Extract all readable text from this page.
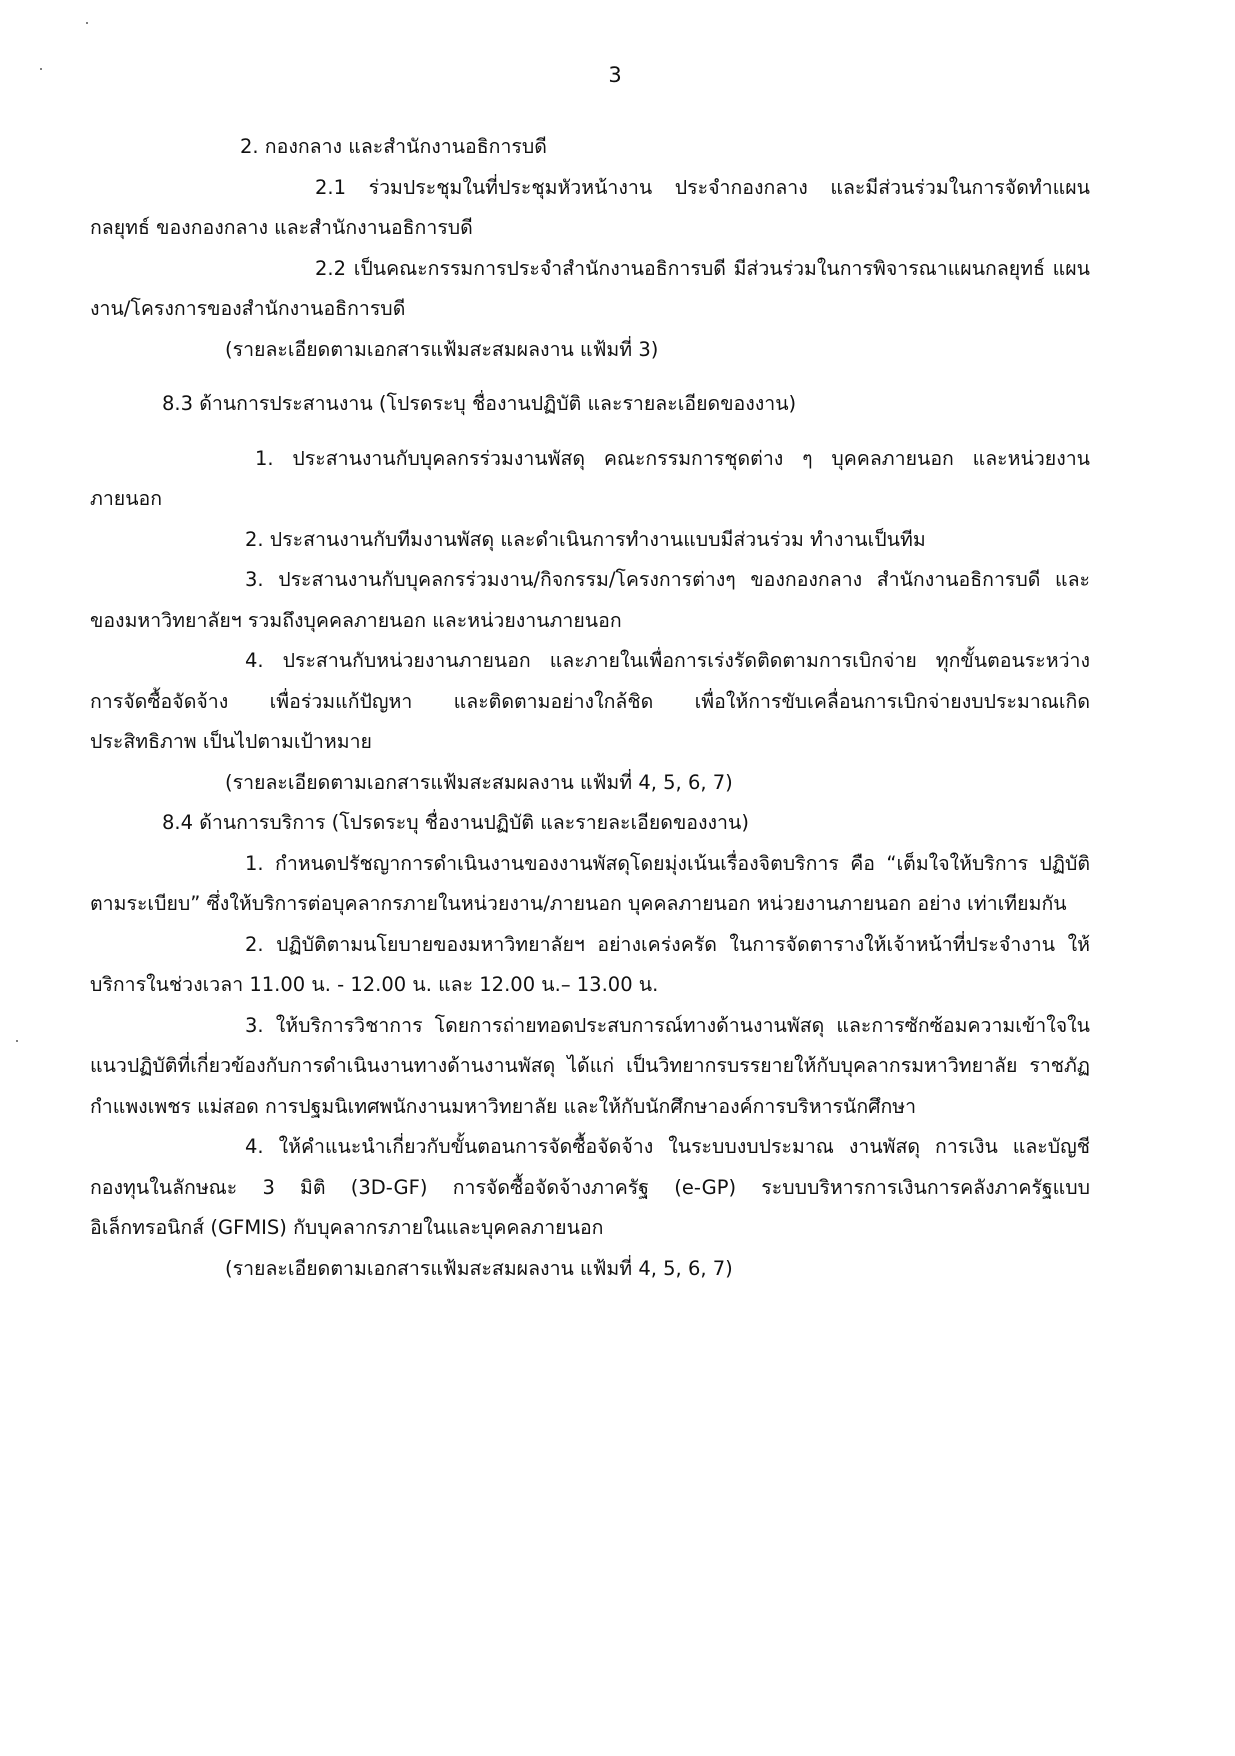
3

2. กองกลาง และสำนักงานอธิการบดี

2.1 ร่วมประชุมในที่ประชุมหัวหน้างาน ประจำกองกลาง และมีส่วนร่วมในการจัดทำแผนกลยุทธ์ ของกองกลาง และสำนักงานอธิการบดี

2.2 เป็นคณะกรรมการประจำสำนักงานอธิการบดี มีส่วนร่วมในการพิจารณาแผนกลยุทธ์ แผนงาน/โครงการของสำนักงานอธิการบดี

(รายละเอียดตามเอกสารแฟ้มสะสมผลงาน แฟ้มที่ 3)

8.3 ด้านการประสานงาน (โปรดระบุ ชื่องานปฏิบัติ และรายละเอียดของงาน)

1. ประสานงานกับบุคลกรร่วมงานพัสดุ คณะกรรมการชุดต่าง ๆ บุคคลภายนอก และหน่วยงาน ภายนอก

2. ประสานงานกับทีมงานพัสดุ และดำเนินการทำงานแบบมีส่วนร่วม ทำงานเป็นทีม

3. ประสานงานกับบุคลกรร่วมงาน/กิจกรรม/โครงการต่างๆ ของกองกลาง สำนักงานอธิการบดี และ ของมหาวิทยาลัยฯ รวมถึงบุคคลภายนอก และหน่วยงานภายนอก

4. ประสานกับหน่วยงานภายนอก และภายในเพื่อการเร่งรัดติดตามการเบิกจ่าย ทุกขั้นตอนระหว่าง การจัดซื้อจัดจ้าง เพื่อร่วมแก้ปัญหา และติดตามอย่างใกล้ชิด เพื่อให้การขับเคลื่อนการเบิกจ่ายงบประมาณเกิด ประสิทธิภาพ เป็นไปตามเป้าหมาย

(รายละเอียดตามเอกสารแฟ้มสะสมผลงาน แฟ้มที่ 4, 5, 6, 7)

8.4 ด้านการบริการ (โปรดระบุ ชื่องานปฏิบัติ และรายละเอียดของงาน)

1. กำหนดปรัชญาการดำเนินงานของงานพัสดุโดยมุ่งเน้นเรื่องจิตบริการ คือ “เต็มใจให้บริการ ปฏิบัติตามระเบียบ” ซึ่งให้บริการต่อบุคลากรภายในหน่วยงาน/ภายนอก บุคคลภายนอก หน่วยงานภายนอก อย่าง เท่าเทียมกัน

2. ปฏิบัติตามนโยบายของมหาวิทยาลัยฯ อย่างเคร่งครัด ในการจัดตารางให้เจ้าหน้าที่ประจำงาน ให้บริการในช่วงเวลา 11.00 น. - 12.00 น. และ 12.00 น.– 13.00 น.

3. ให้บริการวิชาการ โดยการถ่ายทอดประสบการณ์ทางด้านงานพัสดุ และการซักซ้อมความเข้าใจใน แนวปฏิบัติที่เกี่ยวข้องกับการดำเนินงานทางด้านงานพัสดุ ได้แก่ เป็นวิทยากรบรรยายให้กับบุคลากรมหาวิทยาลัย ราชภัฏกำแพงเพชร แม่สอด การปฐมนิเทศพนักงานมหาวิทยาลัย และให้กับนักศึกษาองค์การบริหารนักศึกษา

4. ให้คำแนะนำเกี่ยวกับขั้นตอนการจัดซื้อจัดจ้าง ในระบบงบประมาณ งานพัสดุ การเงิน และบัญชี กองทุนในลักษณะ 3 มิติ (3D-GF) การจัดซื้อจัดจ้างภาครัฐ (e-GP) ระบบบริหารการเงินการคลังภาครัฐแบบ อิเล็กทรอนิกส์ (GFMIS) กับบุคลากรภายในและบุคคลภายนอก

(รายละเอียดตามเอกสารแฟ้มสะสมผลงาน แฟ้มที่ 4, 5, 6, 7)
